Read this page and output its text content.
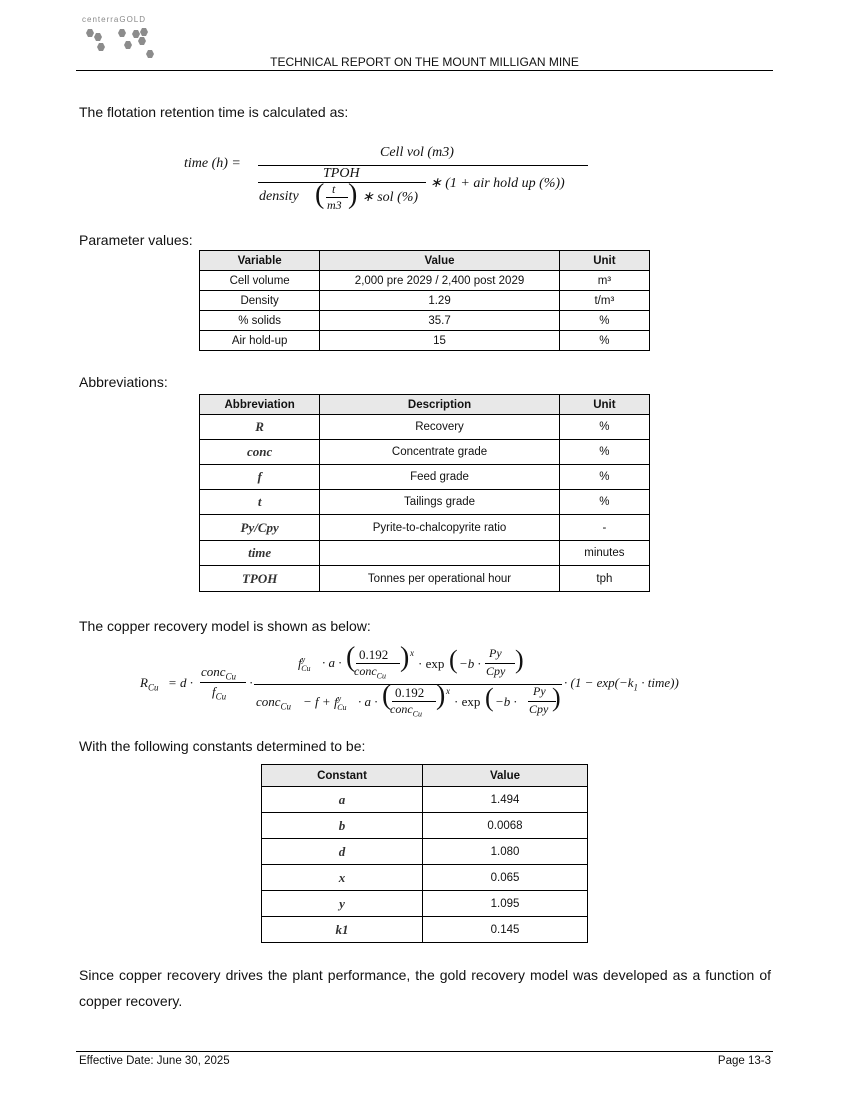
centerraGOLD
TECHNICAL REPORT ON THE MOUNT MILLIGAN MINE
The flotation retention time is calculated as:
time (h) =
Cell vol (m3)
TPOH
density ( t
m3 ) ∗ sol (%)
∗ (1 + air hold up (%))
Parameter values:
Variable	Value	Unit
Cell volume	2,000 pre 2029 / 2,400 post 2029	m³
Density	1.29	t/m³
% solids	35.7	%
Air hold-up	15	%
Abbreviations:
Abbreviation	Description	Unit
R	Recovery	%
conc	Concentrate grade	%
f	Feed grade	%
t	Tailings grade	%
Py/Cpy	Pyrite-to-chalcopyrite ratio	-
time		minutes
TPOH	Tonnes per operational hour	tph
The copper recovery model is shown as below:
$R_{Cu} = d$ ·
conc$_{Cu}$
$f_{Cu}$
·
$f^y_{Cu} \cdot a$ · ( 0.192
conc$_{Cu}$
) x
· exp ( −b ·
Py
Cpy )
conc$_{Cu}$ − $f + f^y_{Cu} \cdot a$ · ( 0.192
conc$_{Cu}$
) x
· exp ( −b ·
Py
Cpy )
· ($1 - \exp(-k_1$ · time))
With the following constants determined to be:
Constant	Value
a	1.494
b	0.0068
d	1.080
x	0.065
y	1.095
k1	0.145
Since copper recovery drives the plant performance, the gold recovery model was developed as a function of copper recovery.
Effective Date: June 30, 2025	Page 13-3
